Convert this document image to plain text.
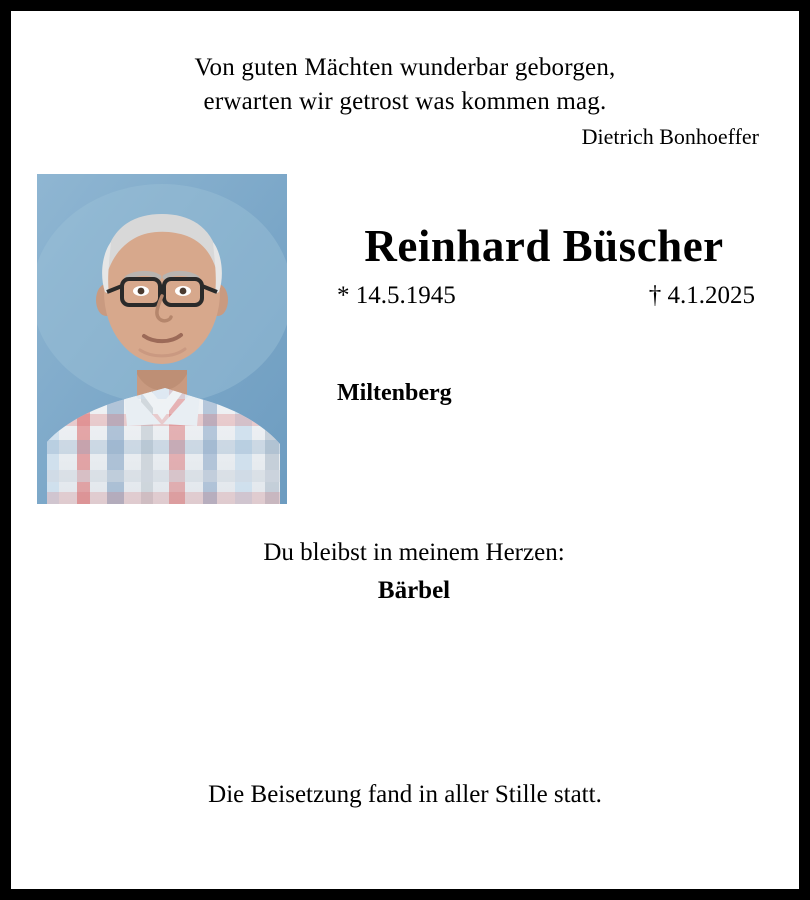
Von guten Mächten wunderbar geborgen,
erwarten wir getrost was kommen mag.
Dietrich Bonhoeffer
Reinhard Büscher
* 14.5.1945	† 4.1.2025
Miltenberg
Du bleibst in meinem Herzen:
Bärbel
Die Beisetzung fand in aller Stille statt.
